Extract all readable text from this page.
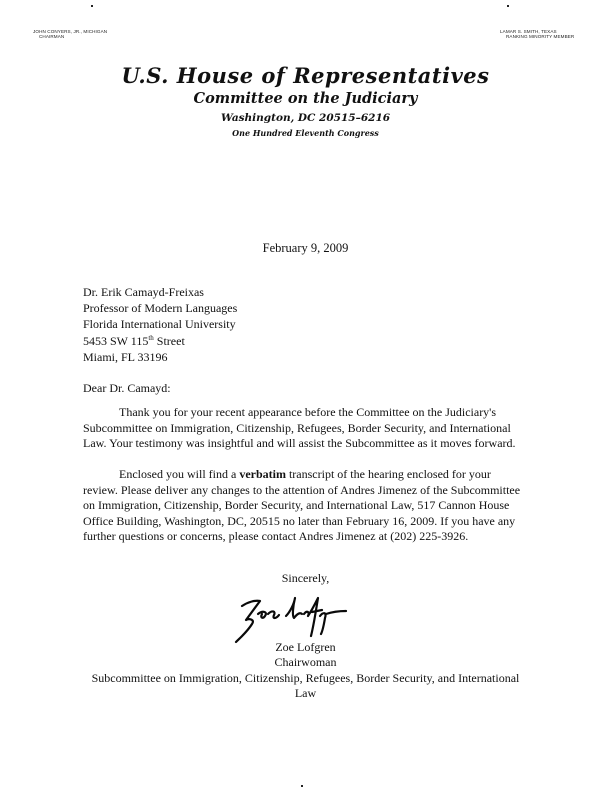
JOHN CONYERS, JR., MICHIGAN
CHAIRMAN
LAMAR S. SMITH, TEXAS
RANKING MINORITY MEMBER
U.S. House of Representatives
Committee on the Judiciary
Washington, DC 20515–6216
One Hundred Eleventh Congress
February 9, 2009
Dr. Erik Camayd-Freixas
Professor of Modern Languages
Florida International University
5453 SW 115th Street
Miami, FL 33196
Dear Dr. Camayd:
Thank you for your recent appearance before the Committee on the Judiciary's Subcommittee on Immigration, Citizenship, Refugees, Border Security, and International Law. Your testimony was insightful and will assist the Subcommittee as it moves forward.
Enclosed you will find a verbatim transcript of the hearing enclosed for your review. Please deliver any changes to the attention of Andres Jimenez of the Subcommittee on Immigration, Citizenship, Border Security, and International Law, 517 Cannon House Office Building, Washington, DC, 20515 no later than February 16, 2009. If you have any further questions or concerns, please contact Andres Jimenez at (202) 225-3926.
Sincerely,
Zoe Lofgren
Chairwoman
Subcommittee on Immigration, Citizenship, Refugees, Border Security, and International
Law
